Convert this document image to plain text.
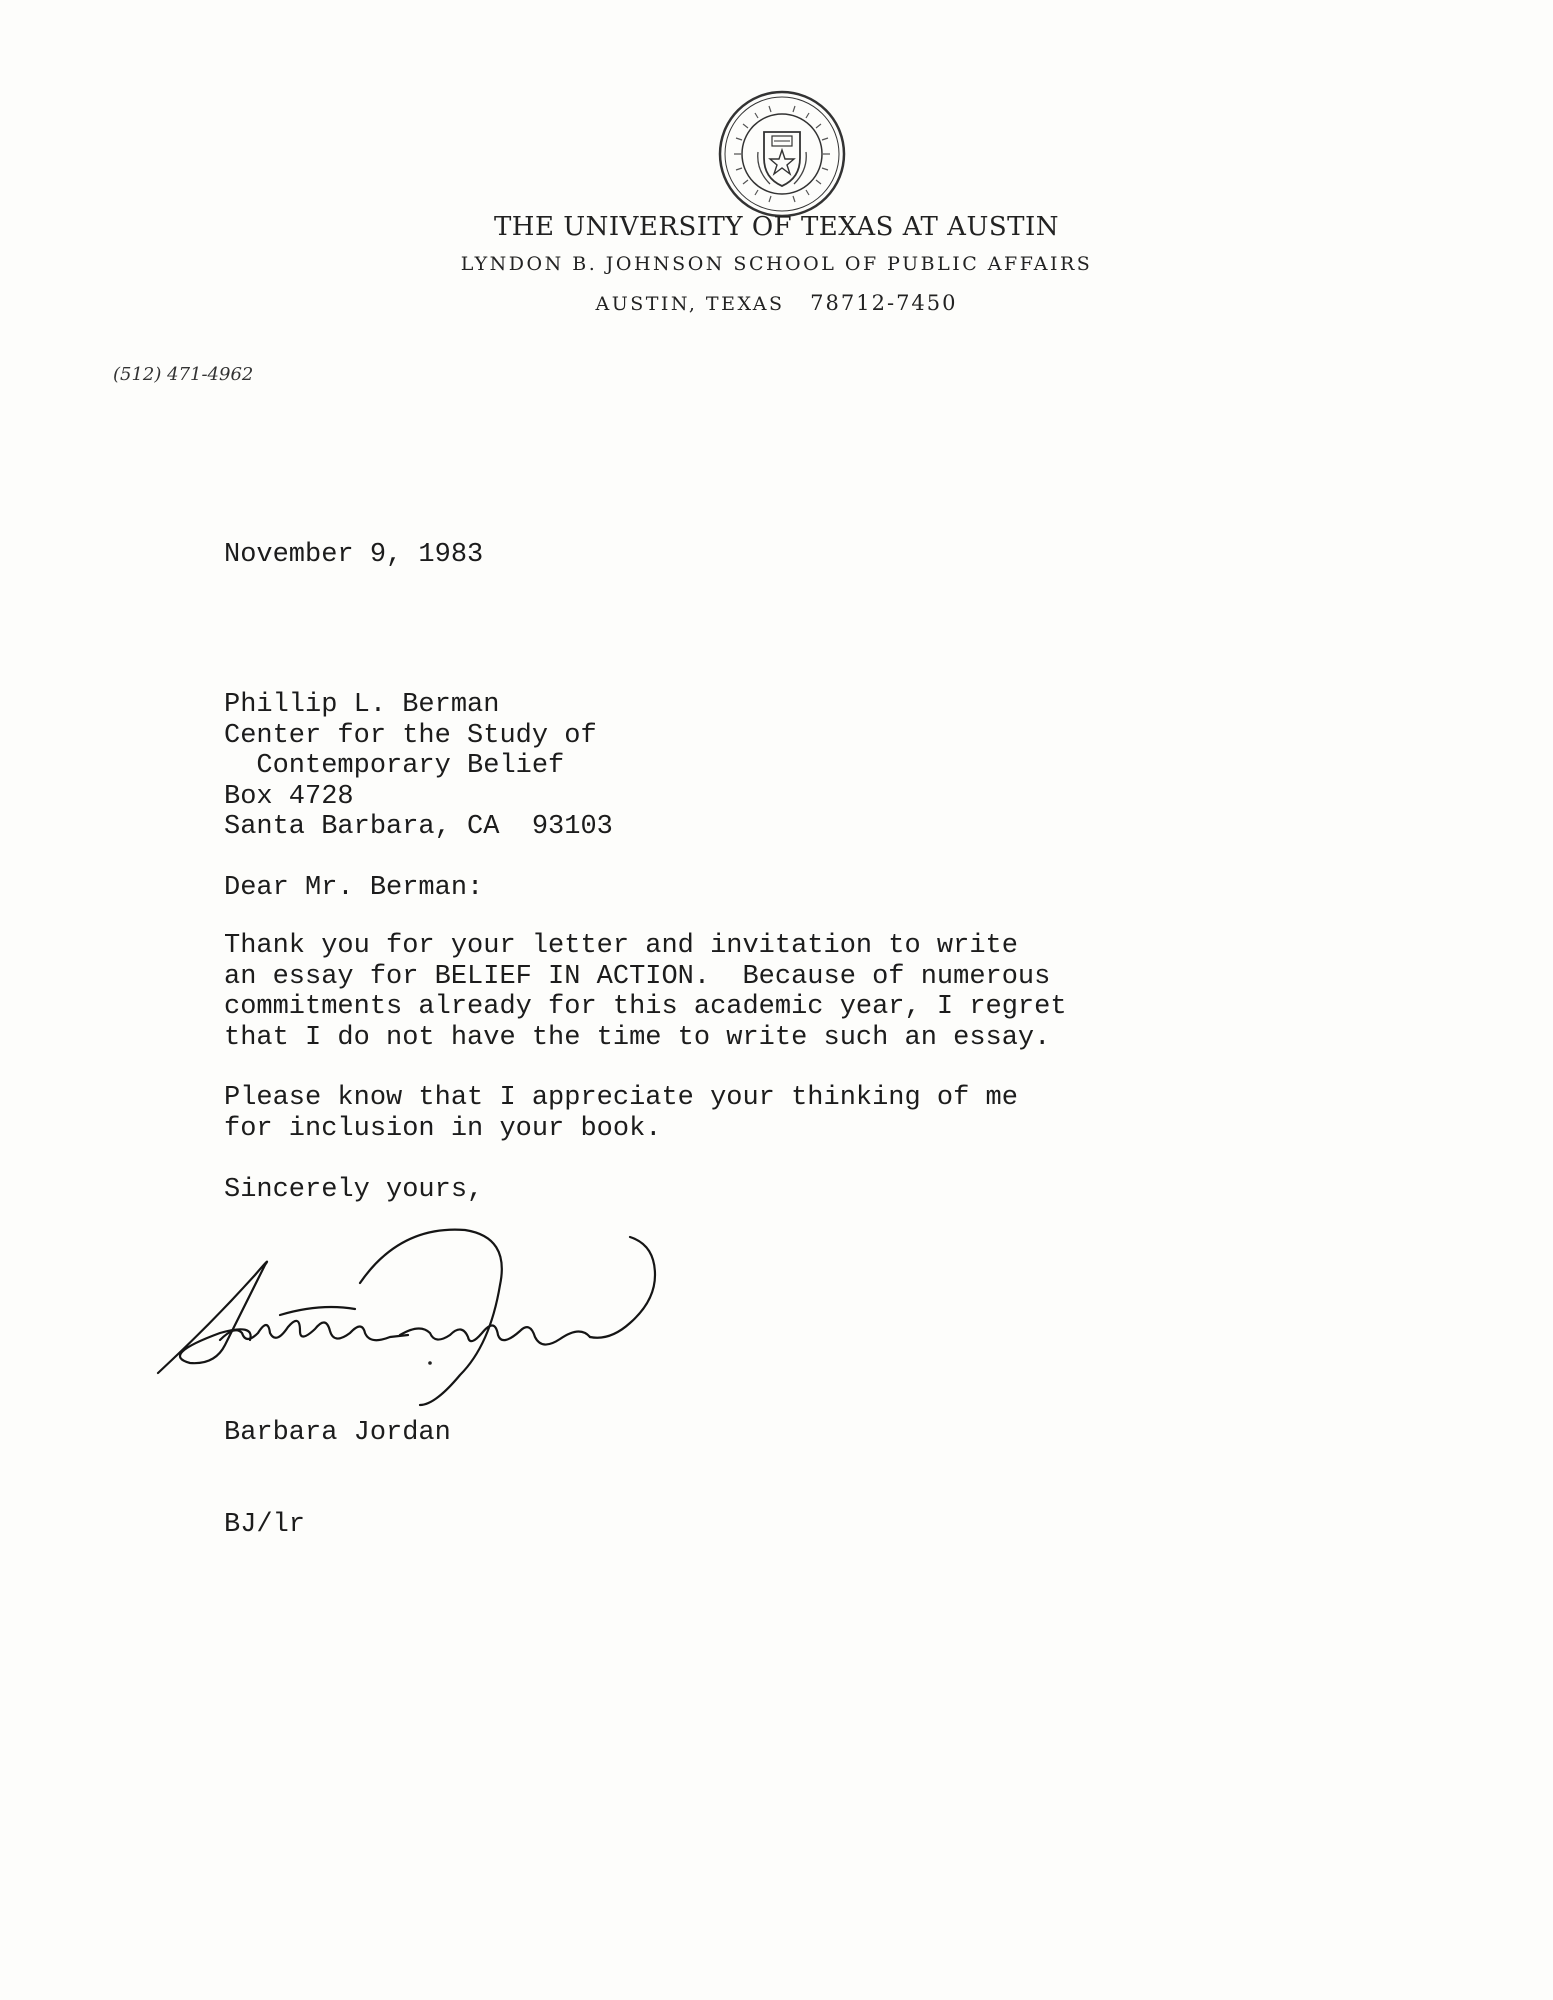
THE UNIVERSITY OF TEXAS AT AUSTIN
LYNDON B. JOHNSON SCHOOL OF PUBLIC AFFAIRS
AUSTIN, TEXAS 78712-7450
(512) 471-4962
November 9, 1983
Phillip L. Berman
Center for the Study of
Contemporary Belief
Box 4728
Santa Barbara, CA  93103
Dear Mr. Berman:
Thank you for your letter and invitation to write
an essay for BELIEF IN ACTION.  Because of numerous
commitments already for this academic year, I regret
that I do not have the time to write such an essay.
Please know that I appreciate your thinking of me
for inclusion in your book.
Sincerely yours,
Barbara Jordan
BJ/lr
